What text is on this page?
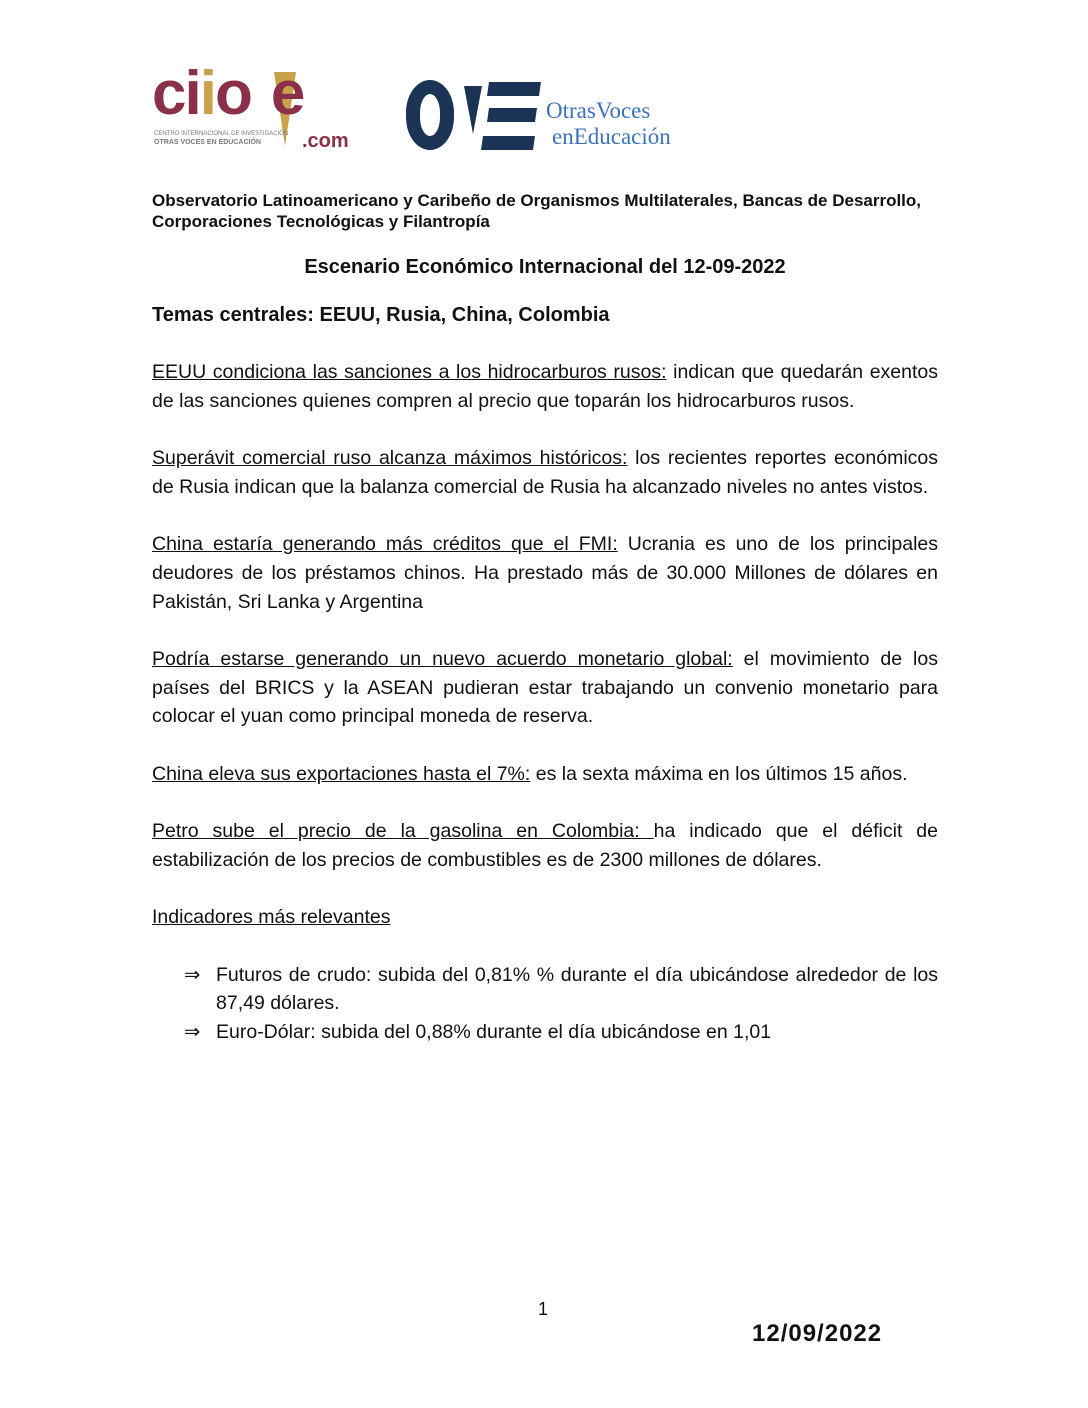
ciio e
CENTRO INTERNACIONAL DE INVESTIGACIÓN
OTRAS VOCES EN EDUCACIÓN	.com
OtrasVoces
enEducación
Observatorio Latinoamericano y Caribeño de Organismos Multilaterales, Bancas de Desarrollo, Corporaciones Tecnológicas y Filantropía
Escenario Económico Internacional del 12-09-2022
Temas centrales: EEUU, Rusia, China, Colombia

EEUU condiciona las sanciones a los hidrocarburos rusos: indican que quedarán exentos de las sanciones quienes compren al precio que toparán los hidrocarburos rusos.

Superávit comercial ruso alcanza máximos históricos: los recientes reportes económicos de Rusia indican que la balanza comercial de Rusia ha alcanzado niveles no antes vistos.

China estaría generando más créditos que el FMI: Ucrania es uno de los principales deudores de los préstamos chinos. Ha prestado más de 30.000 Millones de dólares en Pakistán, Sri Lanka y Argentina

Podría estarse generando un nuevo acuerdo monetario global: el movimiento de los países del BRICS y la ASEAN pudieran estar trabajando un convenio monetario para colocar el yuan como principal moneda de reserva.

China eleva sus exportaciones hasta el 7%: es la sexta máxima en los últimos 15 años.

Petro sube el precio de la gasolina en Colombia: ha indicado que el déficit de estabilización de los precios de combustibles es de 2300 millones de dólares.

Indicadores más relevantes
⇒ Futuros de crudo: subida del 0,81% % durante el día ubicándose alrededor de los 87,49 dólares.
⇒ Euro-Dólar: subida del 0,88% durante el día ubicándose en 1,01
1
12/09/2022
